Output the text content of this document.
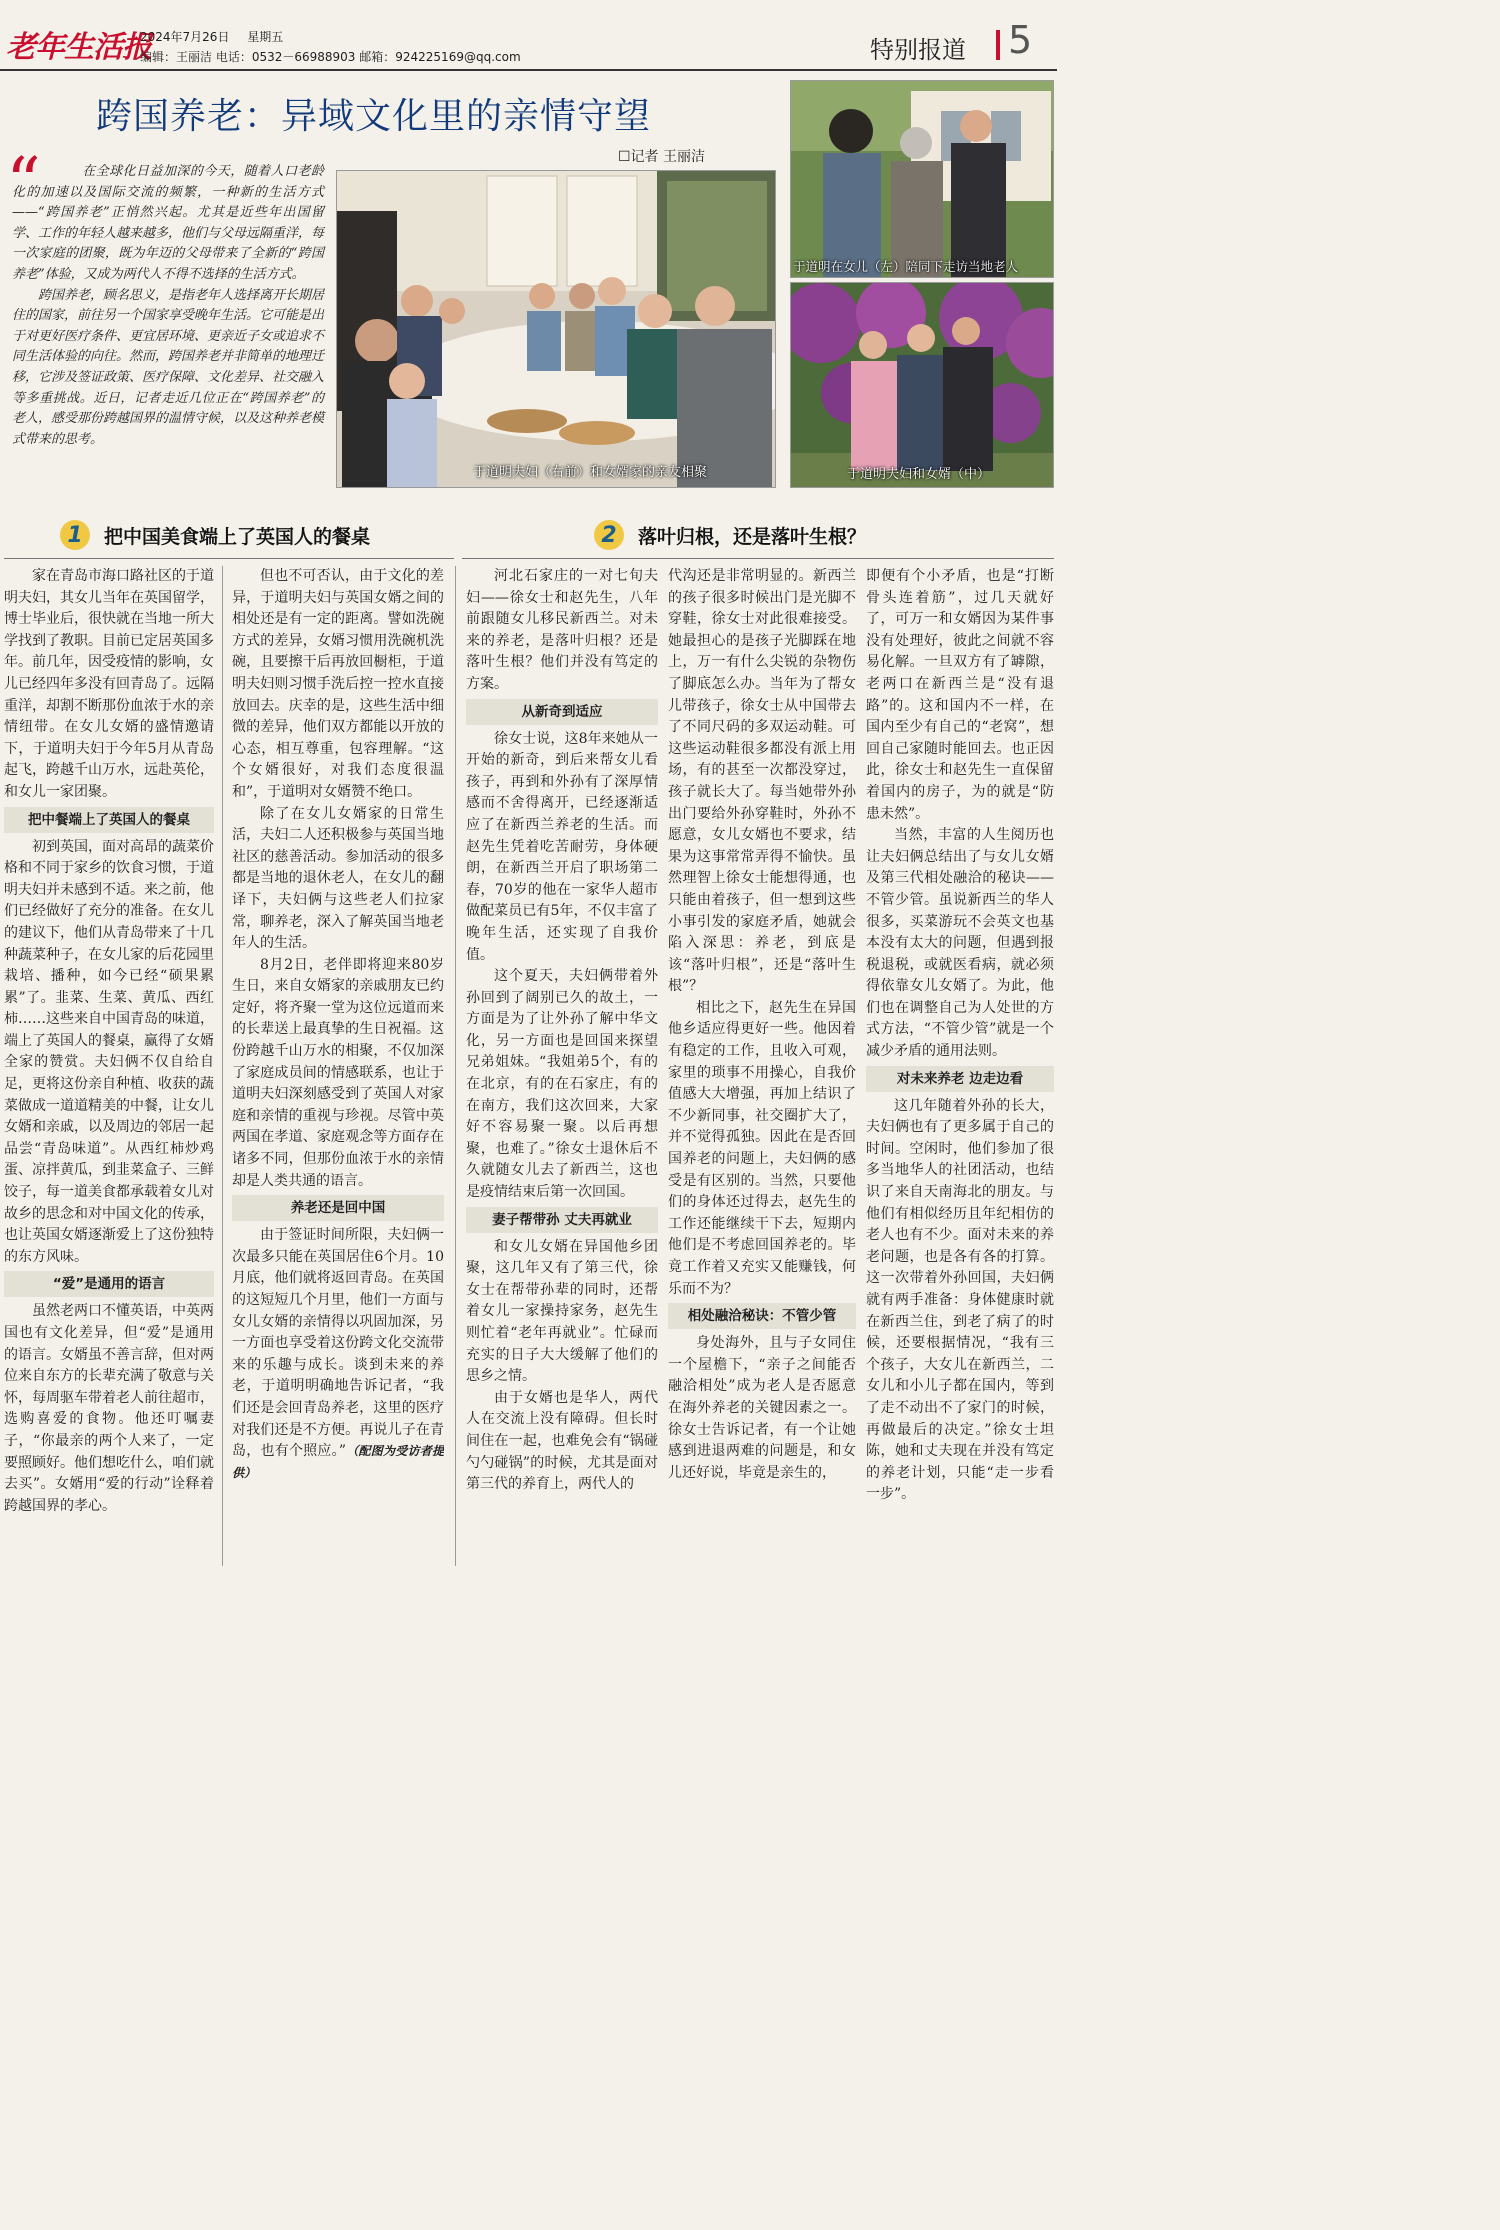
老年生活报
2024年7月26日 星期五
编辑：王丽洁 电话：0532－66988903 邮箱：924225169@qq.com	特别报道 5
跨国养老：异域文化里的亲情守望
☐记者 王丽洁
“	在全球化日益加深的今天，随着人口老龄化的加速以及国际交流的频繁，一种新的生活方式——“跨国养老”正悄然兴起。尤其是近些年出国留学、工作的年轻人越来越多，他们与父母远隔重洋，每一次家庭的团聚，既为年迈的父母带来了全新的“跨国养老”体验，又成为两代人不得不选择的生活方式。

跨国养老，顾名思义，是指老年人选择离开长期居住的国家，前往另一个国家享受晚年生活。它可能是出于对更好医疗条件、更宜居环境、更亲近子女或追求不同生活体验的向往。然而，跨国养老并非简单的地理迁移，它涉及签证政策、医疗保障、文化差异、社交融入等多重挑战。近日，记者走近几位正在“跨国养老”的老人，感受那份跨越国界的温情守候，以及这种养老模式带来的思考。

于道明夫妇（右前）和女婿家的亲友相聚
于道明在女儿（左）陪同下走访当地老人
于道明夫妇和女婿（中）
1	把中国美食端上了英国人的餐桌	2	落叶归根，还是落叶生根？

家在青岛市海口路社区的于道明夫妇，其女儿当年在英国留学，博士毕业后，很快就在当地一所大学找到了教职。目前已定居英国多年。前几年，因受疫情的影响，女儿已经四年多没有回青岛了。远隔重洋，却割不断那份血浓于水的亲情纽带。在女儿女婿的盛情邀请下，于道明夫妇于今年5月从青岛起飞，跨越千山万水，远赴英伦，和女儿一家团聚。

把中餐端上了英国人的餐桌

初到英国，面对高昂的蔬菜价格和不同于家乡的饮食习惯，于道明夫妇并未感到不适。来之前，他们已经做好了充分的准备。在女儿的建议下，他们从青岛带来了十几种蔬菜种子，在女儿家的后花园里栽培、播种，如今已经“硕果累累”了。韭菜、生菜、黄瓜、西红柿……这些来自中国青岛的味道，端上了英国人的餐桌，赢得了女婿全家的赞赏。夫妇俩不仅自给自足，更将这份亲自种植、收获的蔬菜做成一道道精美的中餐，让女儿女婿和亲戚，以及周边的邻居一起品尝“青岛味道”。从西红柿炒鸡蛋、凉拌黄瓜，到韭菜盒子、三鲜饺子，每一道美食都承载着女儿对故乡的思念和对中国文化的传承，也让英国女婿逐渐爱上了这份独特的东方风味。

“爱”是通用的语言

虽然老两口不懂英语，中英两国也有文化差异，但“爱”是通用的语言。女婿虽不善言辞，但对两位来自东方的长辈充满了敬意与关怀，每周驱车带着老人前往超市，选购喜爱的食物。他还叮嘱妻子，“你最亲的两个人来了，一定要照顾好。他们想吃什么，咱们就去买”。女婿用“爱的行动”诠释着跨越国界的孝心。

但也不可否认，由于文化的差异，于道明夫妇与英国女婿之间的相处还是有一定的距离。譬如洗碗方式的差异，女婿习惯用洗碗机洗碗，且要擦干后再放回橱柜，于道明夫妇则习惯手洗后控一控水直接放回去。庆幸的是，这些生活中细微的差异，他们双方都能以开放的心态，相互尊重，包容理解。“这个女婿很好，对我们态度很温和”，于道明对女婿赞不绝口。

除了在女儿女婿家的日常生活，夫妇二人还积极参与英国当地社区的慈善活动。参加活动的很多都是当地的退休老人，在女儿的翻译下，夫妇俩与这些老人们拉家常，聊养老，深入了解英国当地老年人的生活。

8月2日，老伴即将迎来80岁生日，来自女婿家的亲戚朋友已约定好，将齐聚一堂为这位远道而来的长辈送上最真挚的生日祝福。这份跨越千山万水的相聚，不仅加深了家庭成员间的情感联系，也让于道明夫妇深刻感受到了英国人对家庭和亲情的重视与珍视。尽管中英两国在孝道、家庭观念等方面存在诸多不同，但那份血浓于水的亲情却是人类共通的语言。

养老还是回中国

由于签证时间所限，夫妇俩一次最多只能在英国居住6个月。10月底，他们就将返回青岛。在英国的这短短几个月里，他们一方面与女儿女婿的亲情得以巩固加深，另一方面也享受着这份跨文化交流带来的乐趣与成长。谈到未来的养老，于道明明确地告诉记者，“我们还是会回青岛养老，这里的医疗对我们还是不方便。再说儿子在青岛，也有个照应。”（配图为受访者提供）

河北石家庄的一对七旬夫妇——徐女士和赵先生，八年前跟随女儿移民新西兰。对未来的养老，是落叶归根？还是落叶生根？他们并没有笃定的方案。

从新奇到适应

徐女士说，这8年来她从一开始的新奇，到后来帮女儿看孩子，再到和外孙有了深厚情感而不舍得离开，已经逐渐适应了在新西兰养老的生活。而赵先生凭着吃苦耐劳，身体硬朗，在新西兰开启了职场第二春，70岁的他在一家华人超市做配菜员已有5年，不仅丰富了晚年生活，还实现了自我价值。

这个夏天，夫妇俩带着外孙回到了阔别已久的故土，一方面是为了让外孙了解中华文化，另一方面也是回国来探望兄弟姐妹。“我姐弟5个，有的在北京，有的在石家庄，有的在南方，我们这次回来，大家好不容易聚一聚。以后再想聚，也难了。”徐女士退休后不久就随女儿去了新西兰，这也是疫情结束后第一次回国。

妻子帮带孙 丈夫再就业

和女儿女婿在异国他乡团聚，这几年又有了第三代，徐女士在帮带孙辈的同时，还帮着女儿一家操持家务，赵先生则忙着“老年再就业”。忙碌而充实的日子大大缓解了他们的思乡之情。

由于女婿也是华人，两代人在交流上没有障碍。但长时间住在一起，也难免会有“锅碰勺勺碰锅”的时候，尤其是面对第三代的养育上，两代人的

代沟还是非常明显的。新西兰的孩子很多时候出门是光脚不穿鞋，徐女士对此很难接受。她最担心的是孩子光脚踩在地上，万一有什么尖锐的杂物伤了脚底怎么办。当年为了帮女儿带孩子，徐女士从中国带去了不同尺码的多双运动鞋。可这些运动鞋很多都没有派上用场，有的甚至一次都没穿过，孩子就长大了。每当她带外孙出门要给外孙穿鞋时，外孙不愿意，女儿女婿也不要求，结果为这事常常弄得不愉快。虽然理智上徐女士能想得通，也只能由着孩子，但一想到这些小事引发的家庭矛盾，她就会陷入深思：养老，到底是该“落叶归根”，还是“落叶生根”？

相比之下，赵先生在异国他乡适应得更好一些。他因着有稳定的工作，且收入可观，家里的琐事不用操心，自我价值感大大增强，再加上结识了不少新同事，社交圈扩大了，并不觉得孤独。因此在是否回国养老的问题上，夫妇俩的感受是有区别的。当然，只要他们的身体还过得去，赵先生的工作还能继续干下去，短期内他们是不考虑回国养老的。毕竟工作着又充实又能赚钱，何乐而不为？

相处融洽秘诀：不管少管

身处海外，且与子女同住一个屋檐下，“亲子之间能否融洽相处”成为老人是否愿意在海外养老的关键因素之一。徐女士告诉记者，有一个让她感到进退两难的问题是，和女儿还好说，毕竟是亲生的，

即便有个小矛盾，也是“打断骨头连着筋”，过几天就好了，可万一和女婿因为某件事没有处理好，彼此之间就不容易化解。一旦双方有了罅隙，老两口在新西兰是“没有退路”的。这和国内不一样，在国内至少有自己的“老窝”，想回自己家随时能回去。也正因此，徐女士和赵先生一直保留着国内的房子，为的就是“防患未然”。

当然，丰富的人生阅历也让夫妇俩总结出了与女儿女婿及第三代相处融洽的秘诀——不管少管。虽说新西兰的华人很多，买菜游玩不会英文也基本没有太大的问题，但遇到报税退税，或就医看病，就必须得依靠女儿女婿了。为此，他们也在调整自己为人处世的方式方法，“不管少管”就是一个减少矛盾的通用法则。

对未来养老 边走边看

这几年随着外孙的长大，夫妇俩也有了更多属于自己的时间。空闲时，他们参加了很多当地华人的社团活动，也结识了来自天南海北的朋友。与他们有相似经历且年纪相仿的老人也有不少。面对未来的养老问题，也是各有各的打算。这一次带着外孙回国，夫妇俩就有两手准备：身体健康时就在新西兰住，到老了病了的时候，还要根据情况，“我有三个孩子，大女儿在新西兰，二女儿和小儿子都在国内，等到了走不动出不了家门的时候，再做最后的决定。”徐女士坦陈，她和丈夫现在并没有笃定的养老计划，只能“走一步看一步”。
